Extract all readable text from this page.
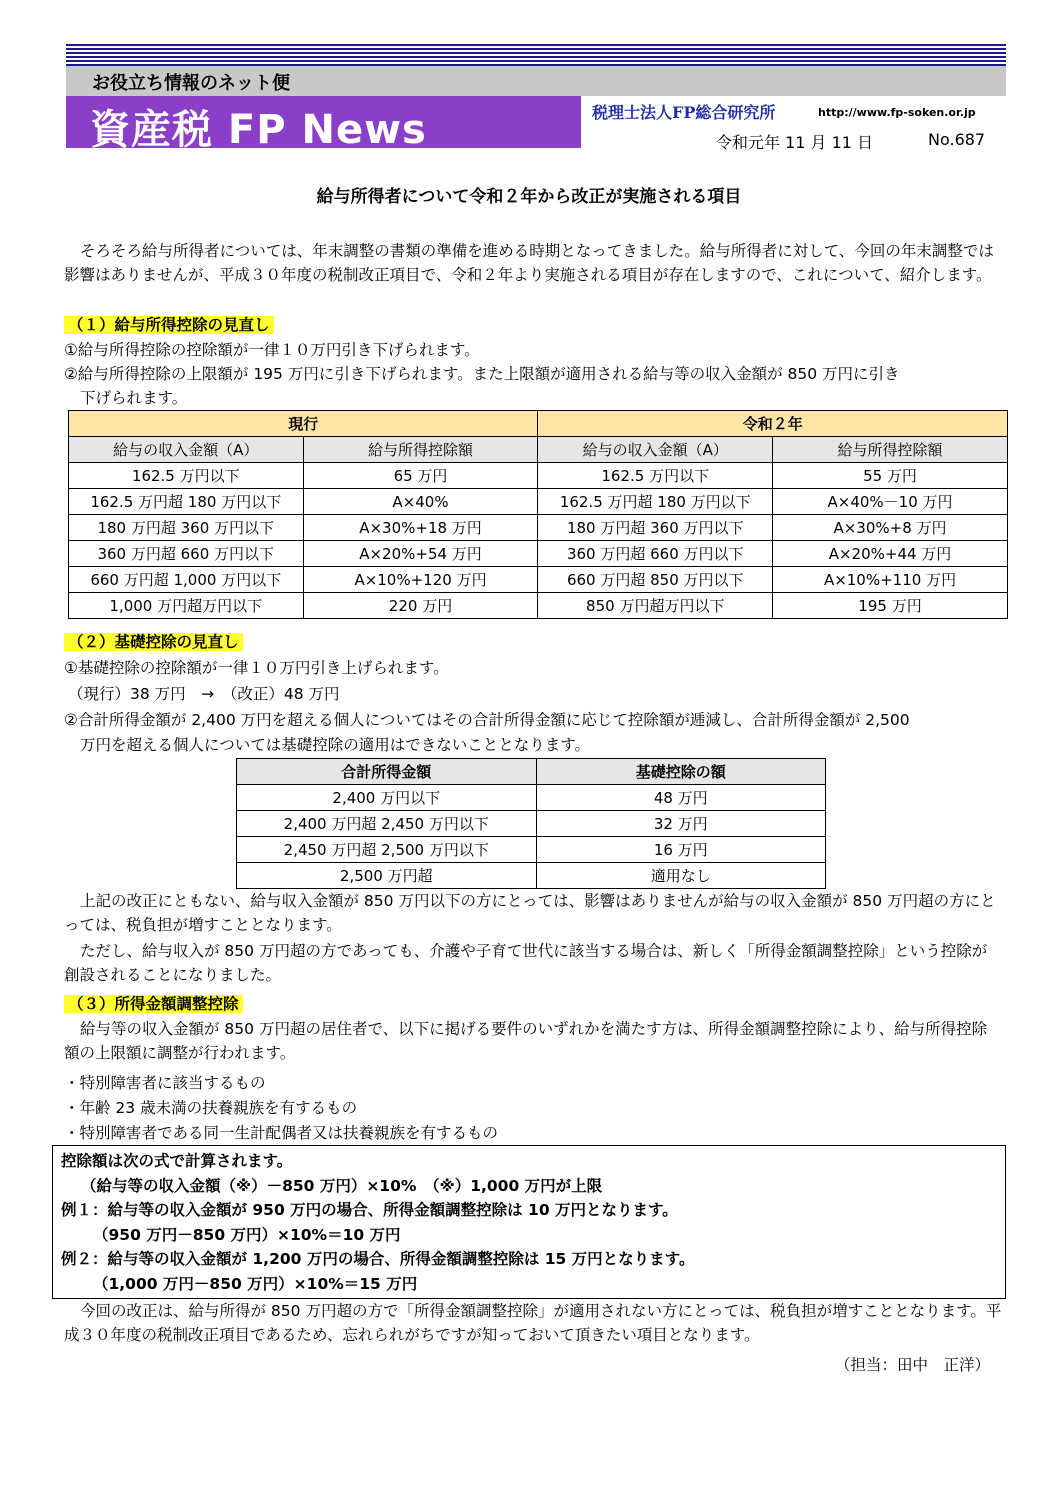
お役立ち情報のネット便
資産税 FP News	税理士法人FP総合研究所	http://www.fp-soken.or.jp
令和元年 11 月 11 日	No.687
給与所得者について令和２年から改正が実施される項目
そろそろ給与所得者については、年末調整の書類の準備を進める時期となってきました。給与所得者に対して、今回の年末調整では影響はありませんが、平成３０年度の税制改正項目で、令和２年より実施される項目が存在しますので、これについて、紹介します。
（１）給与所得控除の見直し
①給与所得控除の控除額が一律１０万円引き下げられます。
②給与所得控除の上限額が 195 万円に引き下げられます。また上限額が適用される給与等の収入金額が 850 万円に引き
下げられます。
現行		令和２年	
給与の収入金額（A）	給与所得控除額	給与の収入金額（A）	給与所得控除額
162.5 万円以下	65 万円	162.5 万円以下	55 万円
162.5 万円超 180 万円以下	A×40%	162.5 万円超 180 万円以下	A×40%－10 万円
180 万円超 360 万円以下	A×30%+18 万円	180 万円超 360 万円以下	A×30%+8 万円
360 万円超 660 万円以下	A×20%+54 万円	360 万円超 660 万円以下	A×20%+44 万円
660 万円超 1,000 万円以下	A×10%+120 万円	660 万円超 850 万円以下	A×10%+110 万円
1,000 万円超万円以下	220 万円	850 万円超万円以下	195 万円
（２）基礎控除の見直し
①基礎控除の控除額が一律１０万円引き上げられます。
（現行）38 万円　→　（改正）48 万円
②合計所得金額が 2,400 万円を超える個人についてはその合計所得金額に応じて控除額が逓減し、合計所得金額が 2,500
万円を超える個人については基礎控除の適用はできないこととなります。
合計所得金額	基礎控除の額
2,400 万円以下	48 万円
2,400 万円超 2,450 万円以下	32 万円
2,450 万円超 2,500 万円以下	16 万円
2,500 万円超	適用なし
上記の改正にともない、給与収入金額が 850 万円以下の方にとっては、影響はありませんが給与の収入金額が 850 万円超の方にとっては、税負担が増すこととなります。
ただし、給与収入が 850 万円超の方であっても、介護や子育て世代に該当する場合は、新しく「所得金額調整控除」という控除が創設されることになりました。
（３）所得金額調整控除
給与等の収入金額が 850 万円超の居住者で、以下に掲げる要件のいずれかを満たす方は、所得金額調整控除により、給与所得控除額の上限額に調整が行われます。
・特別障害者に該当するもの
・年齢 23 歳未満の扶養親族を有するもの
・特別障害者である同一生計配偶者又は扶養親族を有するもの
控除額は次の式で計算されます。
（給与等の収入金額（※）－850 万円）×10%　（※）1,000 万円が上限
例１：給与等の収入金額が 950 万円の場合、所得金額調整控除は 10 万円となります。
（950 万円－850 万円）×10%＝10 万円
例２：給与等の収入金額が 1,200 万円の場合、所得金額調整控除は 15 万円となります。
（1,000 万円－850 万円）×10%＝15 万円
今回の改正は、給与所得が 850 万円超の方で「所得金額調整控除」が適用されない方にとっては、税負担が増すこととなります。平成３０年度の税制改正項目であるため、忘れられがちですが知っておいて頂きたい項目となります。
（担当：田中　正洋）
